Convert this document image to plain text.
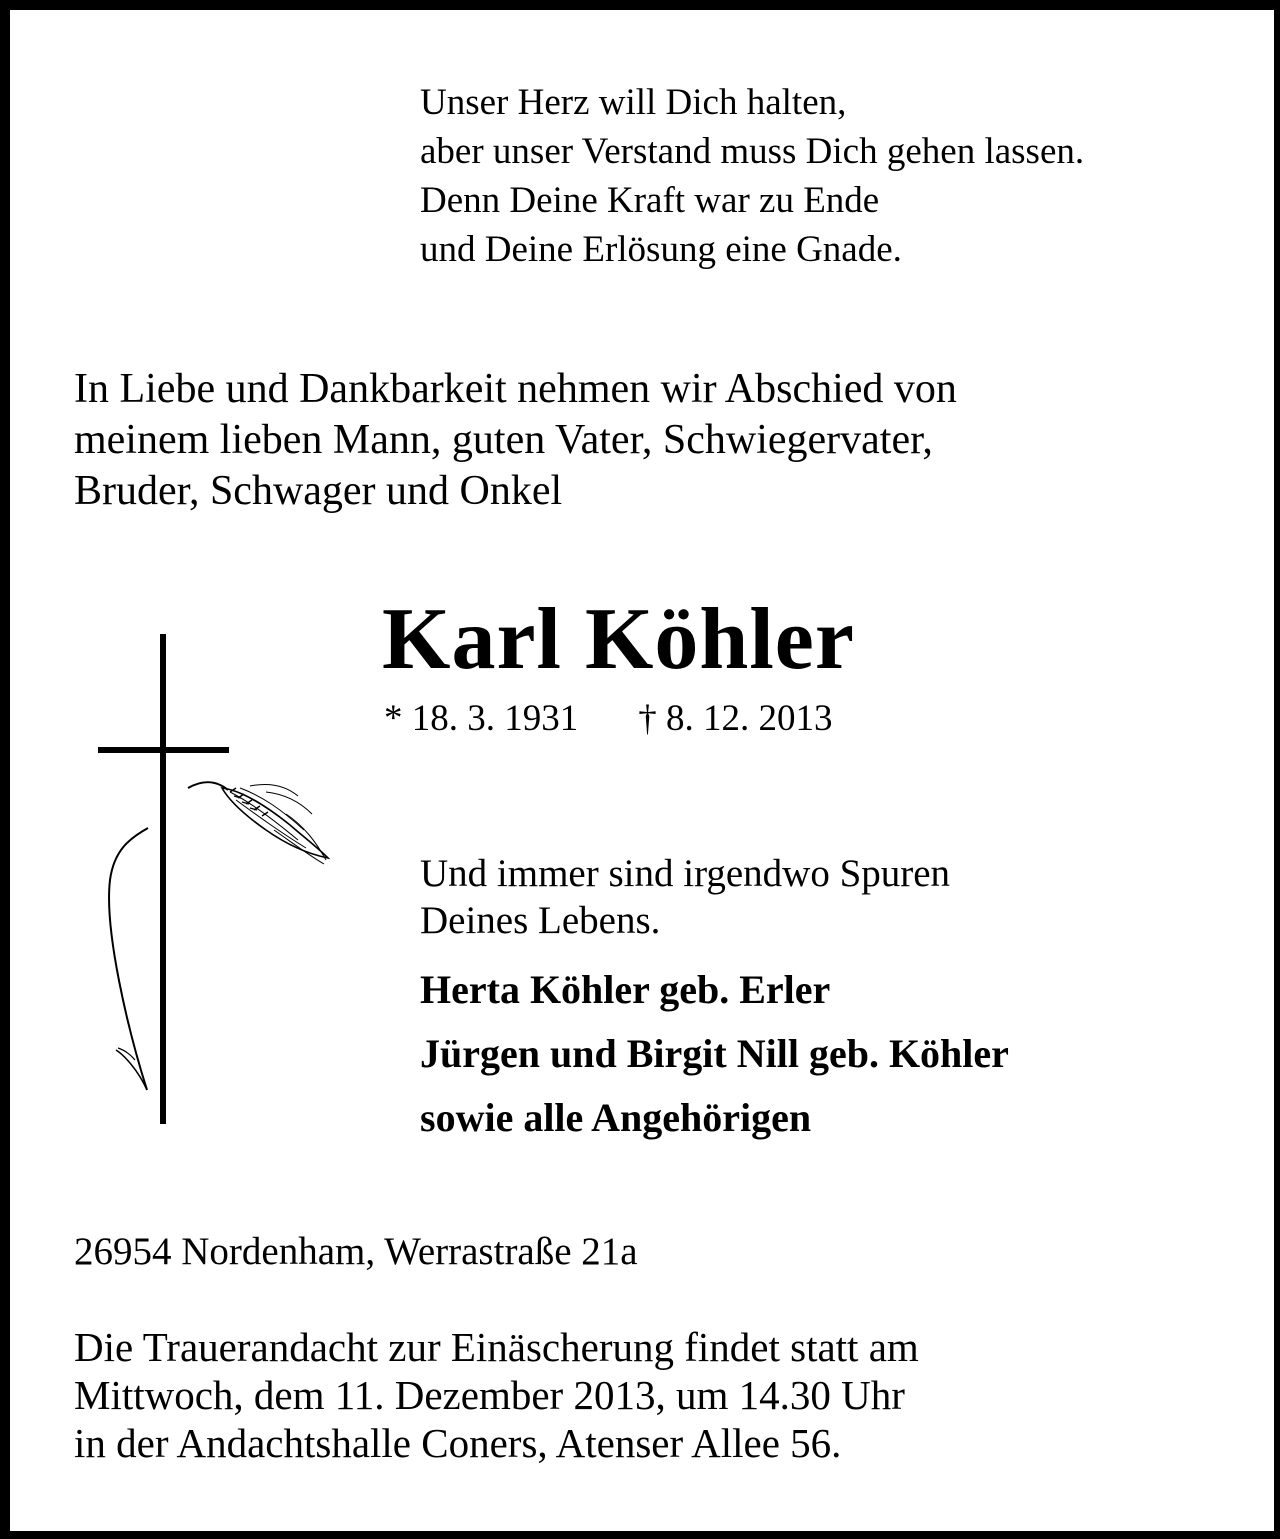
Unser Herz will Dich halten,
aber unser Verstand muss Dich gehen lassen.
Denn Deine Kraft war zu Ende
und Deine Erlösung eine Gnade.
In Liebe und Dankbarkeit nehmen wir Abschied von
meinem lieben Mann, guten Vater, Schwiegervater,
Bruder, Schwager und Onkel
Karl Köhler
* 18. 3. 1931 † 8. 12. 2013
Und immer sind irgendwo Spuren
Deines Lebens.
Herta Köhler geb. Erler
Jürgen und Birgit Nill geb. Köhler
sowie alle Angehörigen
26954 Nordenham, Werrastraße 21a
Die Trauerandacht zur Einäscherung findet statt am
Mittwoch, dem 11. Dezember 2013, um 14.30 Uhr
in der Andachtshalle Coners, Atenser Allee 56.
